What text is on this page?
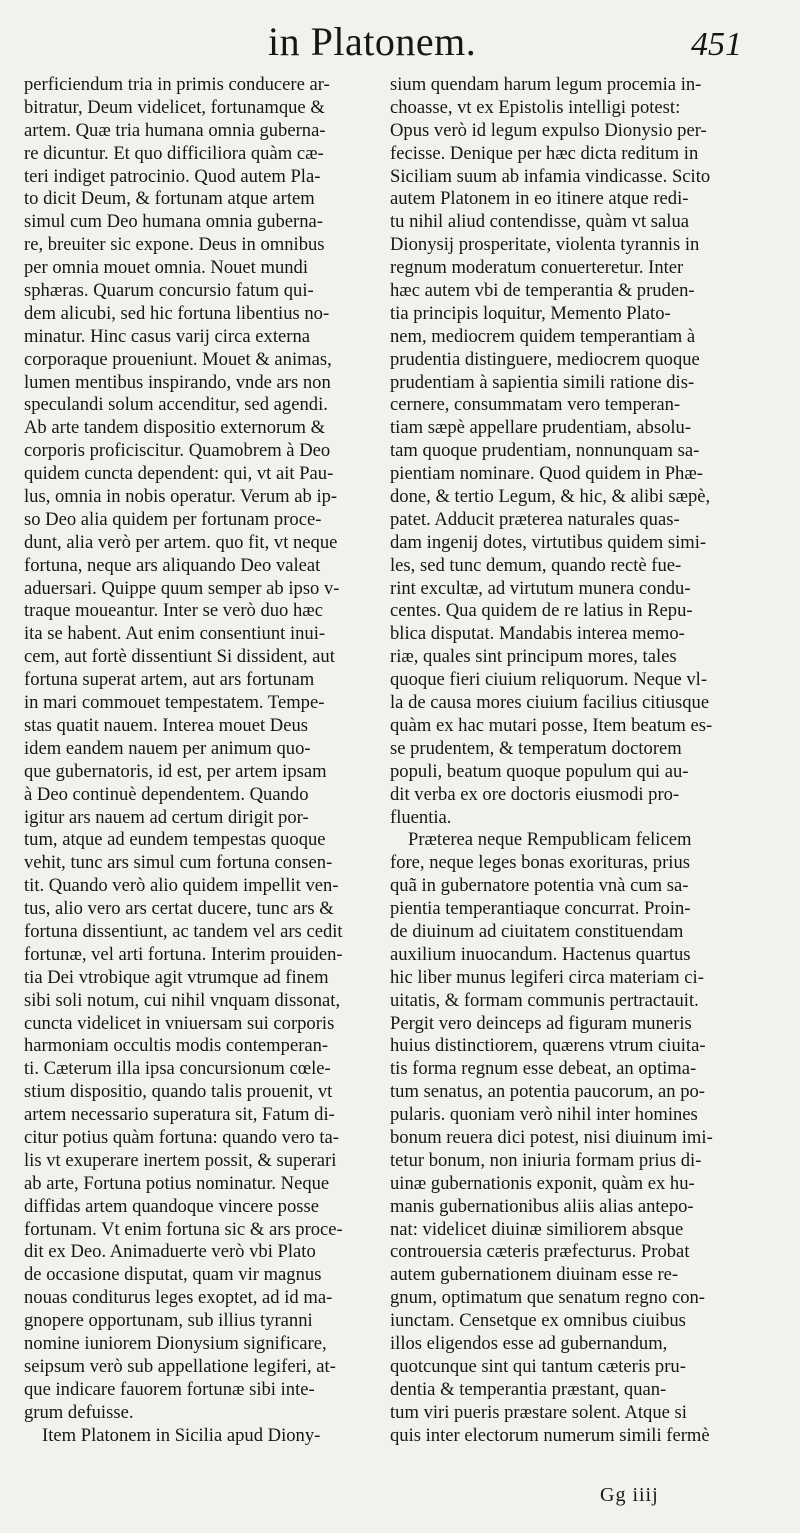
in Platonem.	451
perficiendum tria in primis conducere ar-
bitratur, Deum videlicet, fortunamque &
artem. Quæ tria humana omnia guberna-
re dicuntur. Et quo difficiliora quàm cæ-
teri indiget patrocinio. Quod autem Pla-
to dicit Deum, & fortunam atque artem
simul cum Deo humana omnia guberna-
re, breuiter sic expone. Deus in omnibus
per omnia mouet omnia. Nouet mundi
sphæras. Quarum concursio fatum qui-
dem alicubi, sed hic fortuna libentius no-
minatur. Hinc casus varij circa externa
corporaque proueniunt. Mouet & animas,
lumen mentibus inspirando, vnde ars non
speculandi solum accenditur, sed agendi.
Ab arte tandem dispositio externorum &
corporis proficiscitur. Quamobrem à Deo
quidem cuncta dependent: qui, vt ait Pau-
lus, omnia in nobis operatur. Verum ab ip-
so Deo alia quidem per fortunam proce-
dunt, alia verò per artem. quo fit, vt neque
fortuna, neque ars aliquando Deo valeat
aduersari. Quippe quum semper ab ipso v-
traque moueantur. Inter se verò duo hæc
ita se habent. Aut enim consentiunt inui-
cem, aut fortè dissentiunt Si dissident, aut
fortuna superat artem, aut ars fortunam
in mari commouet tempestatem. Tempe-
stas quatit nauem. Interea mouet Deus
idem eandem nauem per animum quo-
que gubernatoris, id est, per artem ipsam
à Deo continuè dependentem. Quando
igitur ars nauem ad certum dirigit por-
tum, atque ad eundem tempestas quoque
vehit, tunc ars simul cum fortuna consen-
tit. Quando verò alio quidem impellit ven-
tus, alio vero ars certat ducere, tunc ars &
fortuna dissentiunt, ac tandem vel ars cedit
fortunæ, vel arti fortuna. Interim prouiden-
tia Dei vtrobique agit vtrumque ad finem
sibi soli notum, cui nihil vnquam dissonat,
cuncta videlicet in vniuersam sui corporis
harmoniam occultis modis contemperan-
ti. Cæterum illa ipsa concursionum cœle-
stium dispositio, quando talis prouenit, vt
artem necessario superatura sit, Fatum di-
citur potius quàm fortuna: quando vero ta-
lis vt exuperare inertem possit, & superari
ab arte, Fortuna potius nominatur. Neque
diffidas artem quandoque vincere posse
fortunam. Vt enim fortuna sic & ars proce-
dit ex Deo. Animaduerte verò vbi Plato
de occasione disputat, quam vir magnus
nouas conditurus leges exoptet, ad id ma-
gnopere opportunam, sub illius tyranni
nomine iuniorem Dionysium significare,
seipsum verò sub appellatione legiferi, at-
que indicare fauorem fortunæ sibi inte-
grum defuisse.
Item Platonem in Sicilia apud Diony-
sium quendam harum legum procemia in-
choasse, vt ex Epistolis intelligi potest:
Opus verò id legum expulso Dionysio per-
fecisse. Denique per hæc dicta reditum in
Siciliam suum ab infamia vindicasse. Scito
autem Platonem in eo itinere atque redi-
tu nihil aliud contendisse, quàm vt salua
Dionysij prosperitate, violenta tyrannis in
regnum moderatum conuerteretur. Inter
hæc autem vbi de temperantia & pruden-
tia principis loquitur, Memento Plato-
nem, mediocrem quidem temperantiam à
prudentia distinguere, mediocrem quoque
prudentiam à sapientia simili ratione dis-
cernere, consummatam vero temperan-
tiam sæpè appellare prudentiam, absolu-
tam quoque prudentiam, nonnunquam sa-
pientiam nominare. Quod quidem in Phæ-
done, & tertio Legum, & hic, & alibi sæpè,
patet. Adducit præterea naturales quas-
dam ingenij dotes, virtutibus quidem simi-
les, sed tunc demum, quando rectè fue-
rint excultæ, ad virtutum munera condu-
centes. Qua quidem de re latius in Repu-
blica disputat. Mandabis interea memo-
riæ, quales sint principum mores, tales
quoque fieri ciuium reliquorum. Neque vl-
la de causa mores ciuium facilius citiusque
quàm ex hac mutari posse, Item beatum es-
se prudentem, & temperatum doctorem
populi, beatum quoque populum qui au-
dit verba ex ore doctoris eiusmodi pro-
fluentia.
Præterea neque Rempublicam felicem
fore, neque leges bonas exorituras, prius
quã in gubernatore potentia vnà cum sa-
pientia temperantiaque concurrat. Proin-
de diuinum ad ciuitatem constituendam
auxilium inuocandum. Hactenus quartus
hic liber munus legiferi circa materiam ci-
uitatis, & formam communis pertractauit.
Pergit vero deinceps ad figuram muneris
huius distinctiorem, quærens vtrum ciuita-
tis forma regnum esse debeat, an optima-
tum senatus, an potentia paucorum, an po-
pularis. quoniam verò nihil inter homines
bonum reuera dici potest, nisi diuinum imi-
tetur bonum, non iniuria formam prius di-
uinæ gubernationis exponit, quàm ex hu-
manis gubernationibus aliis alias antepo-
nat: videlicet diuinæ similiorem absque
controuersia cæteris præfecturus. Probat
autem gubernationem diuinam esse re-
gnum, optimatum que senatum regno con-
iunctam. Censetque ex omnibus ciuibus
illos eligendos esse ad gubernandum,
quotcunque sint qui tantum cæteris pru-
dentia & temperantia præstant, quan-
tum viri pueris præstare solent. Atque si
quis inter electorum numerum simili fermè
Gg iiij
